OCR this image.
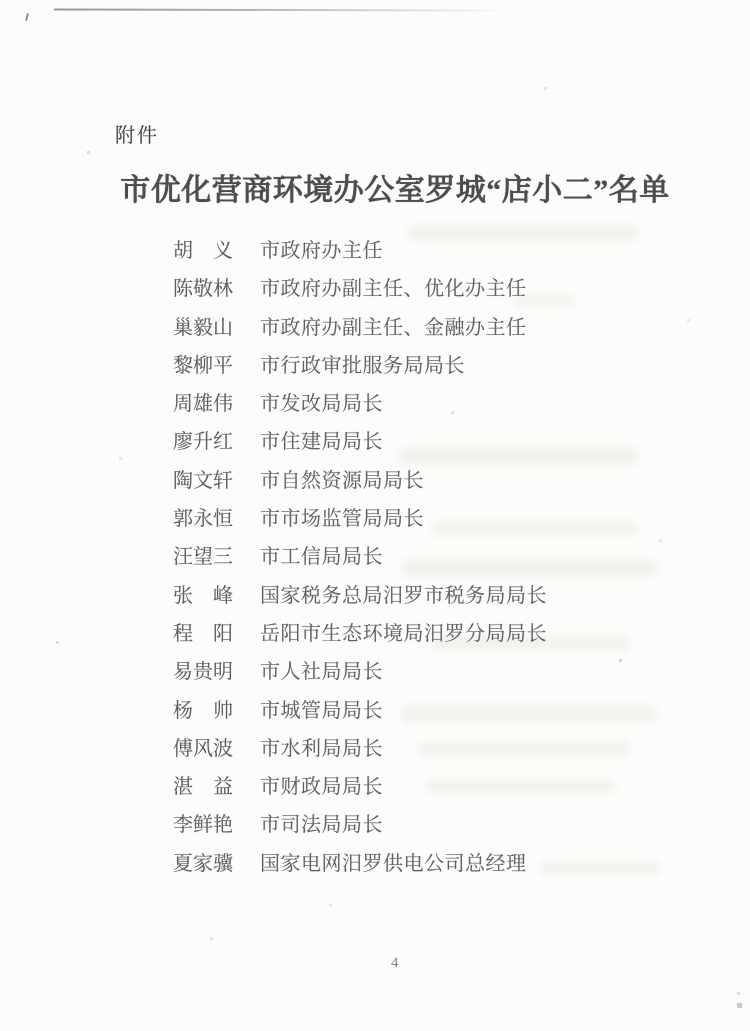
附件
市优化营商环境办公室罗城“店小二”名单
胡　义 市政府办主任
陈敬林 市政府办副主任、优化办主任
巢毅山 市政府办副主任、金融办主任
黎柳平 市行政审批服务局局长
周雄伟 市发改局局长
廖升红 市住建局局长
陶文轩 市自然资源局局长
郭永恒 市市场监管局局长
汪望三 市工信局局长
张　峰 国家税务总局汨罗市税务局局长
程　阳 岳阳市生态环境局汨罗分局局长
易贵明 市人社局局长
杨　帅 市城管局局长
傅风波 市水利局局长
湛　益 市财政局局长
李鲜艳 市司法局局长
夏家骥 国家电网汨罗供电公司总经理
4
